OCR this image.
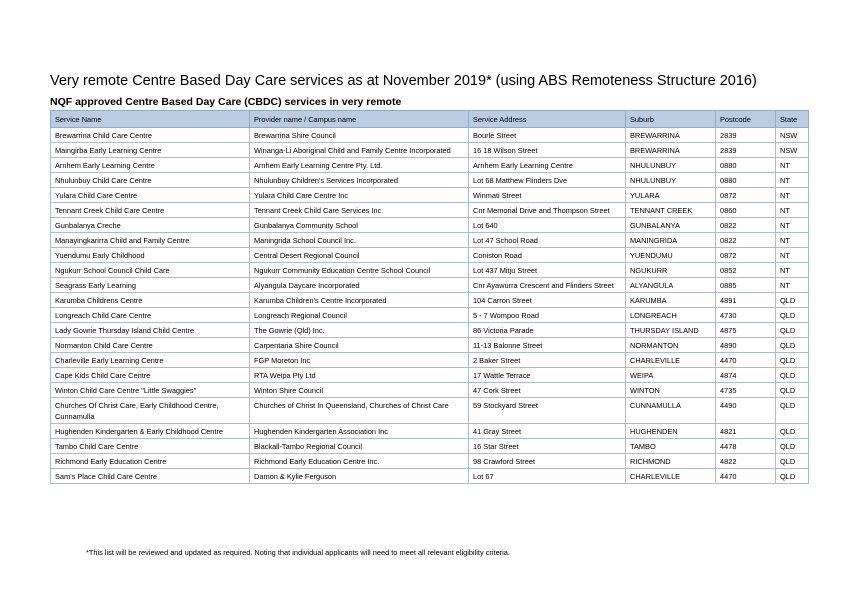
Very remote Centre Based Day Care services as at November 2019* (using ABS Remoteness Structure 2016)
NQF approved Centre Based Day Care (CBDC) services in very remote
Service Name	Provider name / Campus name	Service Address	Suburb	Postcode	State
Brewarrina Child Care Centre	Brewarrina Shire Council	Bourle Street	BREWARRINA	2839	NSW
Maingirba Early Learning Centre	Winanga-Li Aboriginal Child and Family Centre Incorporated	16 18 Wilson Street	BREWARRINA	2839	NSW
Arnhem Early Learning Centre	Arnhem Early Learning Centre Pty. Ltd.	Arnhem Early Learning Centre	NHULUNBUY	0880	NT
Nhulunbuy Child Care Centre	Nhulunbuy Children's Services Incorporated	Lot 68 Matthew Flinders Dve	NHULUNBUY	0880	NT
Yulara Child Care Centre	Yulara Child Care Centre Inc	Winmati Street	YULARA	0872	NT
Tennant Creek Child Care Centre	Tennant Creek Child Care Services Inc	Cnr Memorial Drive and Thompson Street	TENNANT CREEK	0860	NT
Gunbalanya Creche	Gunbalanya Community School	Lot 640	GUNBALANYA	0822	NT
Manayingkarirra Child and Family Centre	Maningrida School Council Inc.	Lot 47 School Road	MANINGRIDA	0822	NT
Yuendumu Early Childhood	Central Desert Regional Council	Coniston Road	YUENDUMU	0872	NT
Ngukurr School Council Child Care	Ngukurr Community Education Centre School Council	Lot 437 Mitju Street	NGUKURR	0852	NT
Seagrass Early Learning	Alyangula Daycare Incorporated	Cnr Ayawurra Crescent and Flinders Street	ALYANGULA	0885	NT
Karumba Childrens Centre	Karumba Children's Centre Incorporated	104 Carron Street	KARUMBA	4891	QLD
Longreach Child Care Centre	Longreach Regional Council	5 - 7 Wompoo Road	LONGREACH	4730	QLD
Lady Gowrie Thursday Island Child Centre	The Gowrie (Qld) Inc.	86 Victoria Parade	THURSDAY ISLAND	4875	QLD
Normanton Child Care Centre	Carpentaria Shire Council	11-13 Balonne Street	NORMANTON	4890	QLD
Charleville Early Learning Centre	FGP Moreton Inc	2 Baker Street	CHARLEVILLE	4470	QLD
Cape Kids Child Care Centre	RTA Weipa Pty Ltd	17 Wattle Terrace	WEIPA	4874	QLD
Winton Child Care Centre "Little Swaggies"	Winton Shire Council	47 Cork Street	WINTON	4735	QLD
Churches Of Christ Care, Early Childhood Centre, Cunnamulla	Churches of Christ In Queensland, Churches of Christ Care	59 Stockyard Street	CUNNAMULLA	4490	QLD
Hughenden Kindergarten & Early Childhood Centre	Hughenden Kindergarten Association Inc	41 Gray Street	HUGHENDEN	4821	QLD
Tambo Child Care Centre	Blackall-Tambo Regional Council	16 Star Street	TAMBO	4478	QLD
Richmond Early Education Centre	Richmond Early Education Centre Inc.	98 Crawford Street	RICHMOND	4822	QLD
Sam's Place Child Care Centre	Damon & Kylie Ferguson	Lot 67	CHARLEVILLE	4470	QLD
*This list will be reviewed and updated as required. Noting that individual applicants will need to meet all relevant eligibility criteria.
